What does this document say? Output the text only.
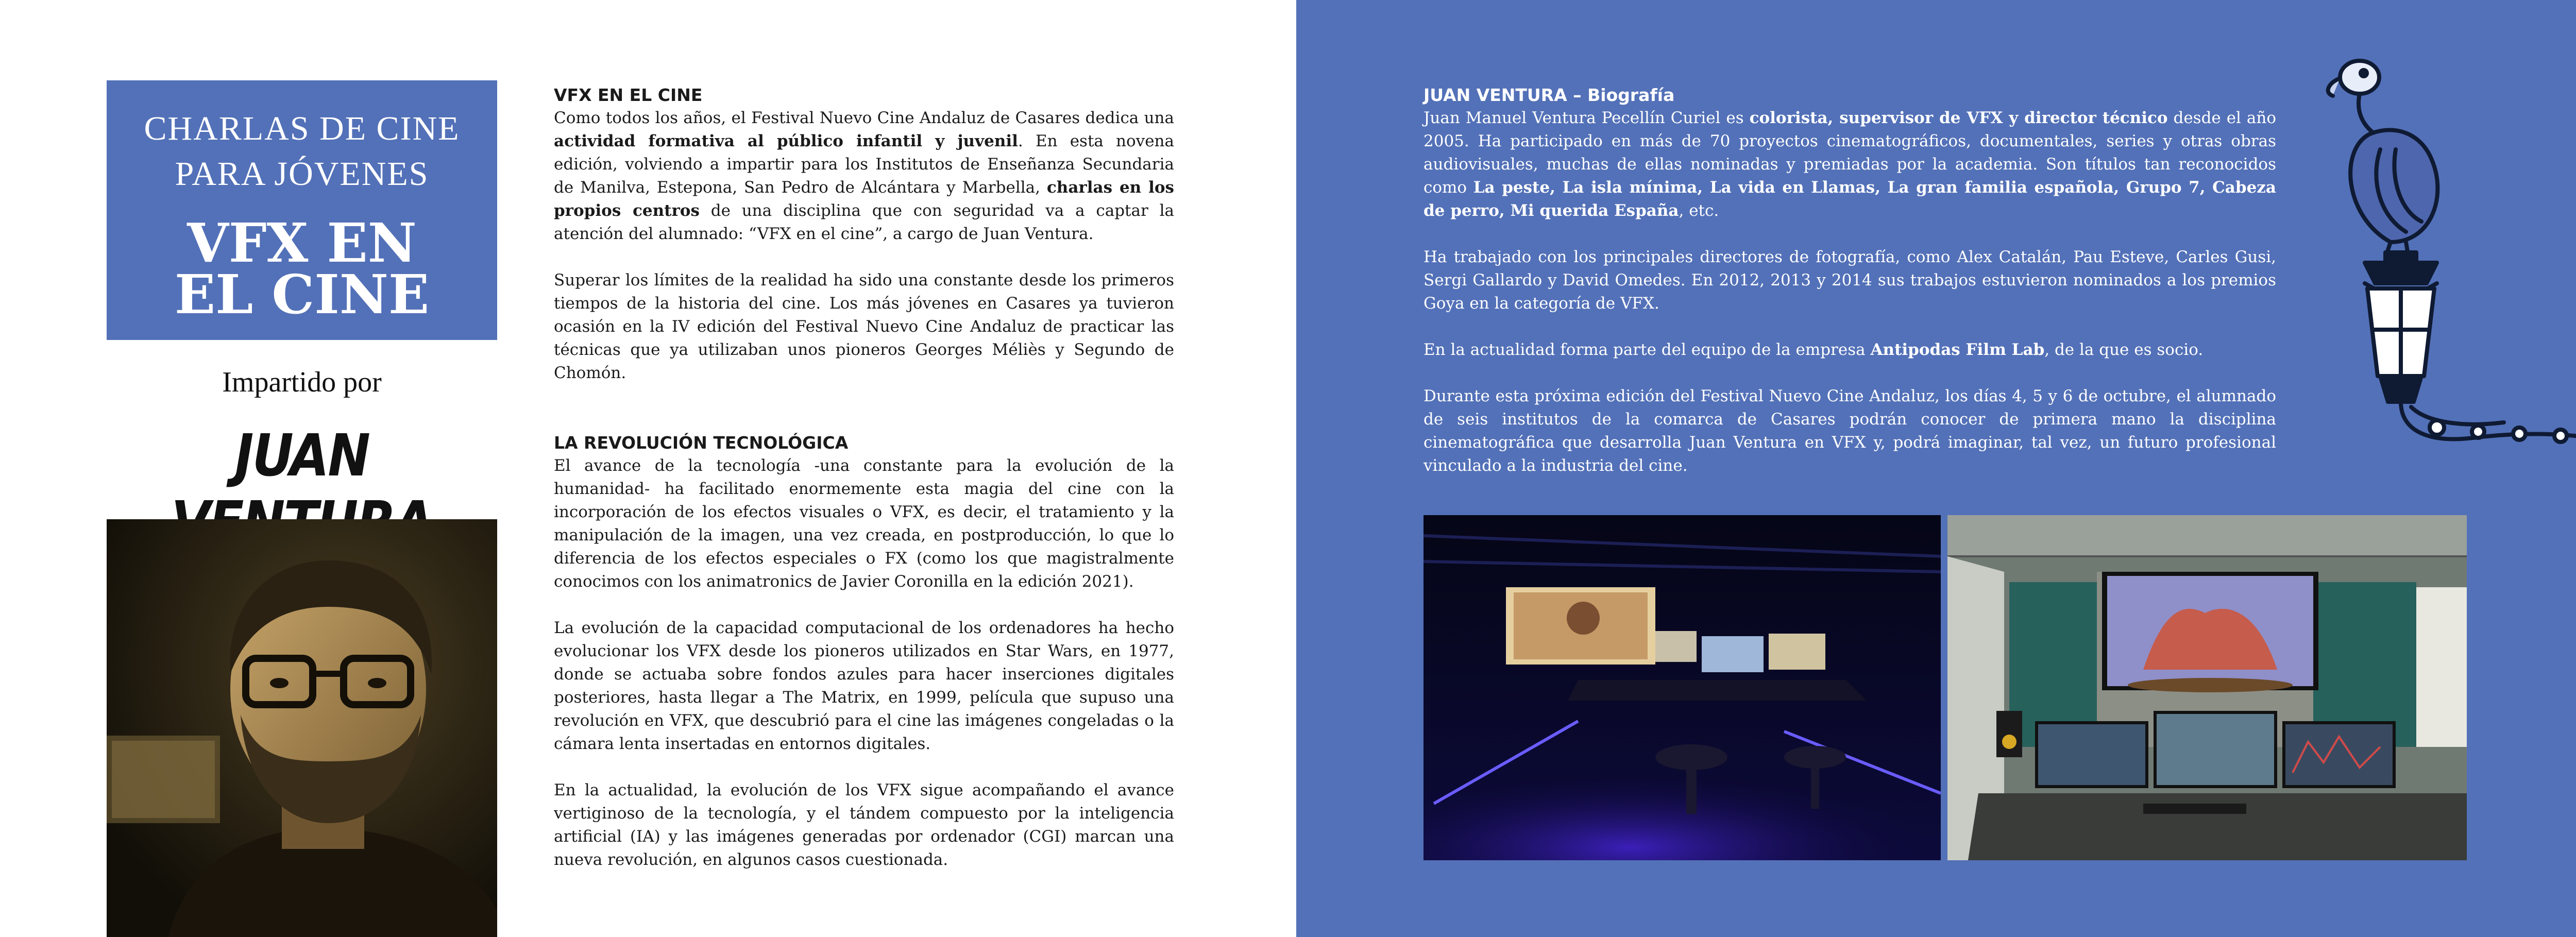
CHARLAS DE CINE
PARA JÓVENES
VFX EN
EL CINE
Impartido por
JUAN
VFX EN EL CINE

Como todos los años, el Festival Nuevo Cine Andaluz de Casares dedica una actividad formativa al público infantil y juvenil. En esta novena edición, volviendo a impartir para los Institutos de Enseñanza Secundaria de Manilva, Estepona, San Pedro de Alcántara y Marbella, charlas en los propios centros de una disciplina que con seguridad va a captar la atención del alumnado: “VFX en el cine”, a cargo de Juan Ventura.

Superar los límites de la realidad ha sido una constante desde los primeros tiempos de la historia del cine. Los más jóvenes en Casares ya tuvieron ocasión en la IV edición del Festival Nuevo Cine Andaluz de practicar las técnicas que ya utilizaban unos pioneros Georges Méliès y Segundo de Chomón.

LA REVOLUCIÓN TECNOLÓGICA

El avance de la tecnología -una constante para la evolución de la humanidad- ha facilitado enormemente esta magia del cine con la incorporación de los efectos visuales o VFX, es decir, el tratamiento y la manipulación de la imagen, una vez creada, en postproducción, lo que lo diferencia de los efectos especiales o FX (como los que magistralmente conocimos con los animatronics de Javier Coronilla en la edición 2021).

La evolución de la capacidad computacional de los ordenadores ha hecho evolucionar los VFX desde los pioneros utilizados en Star Wars, en 1977, donde se actuaba sobre fondos azules para hacer inserciones digitales posteriores, hasta llegar a The Matrix, en 1999, película que supuso una revolución en VFX, que descubrió para el cine las imágenes congeladas o la cámara lenta insertadas en entornos digitales.

En la actualidad, la evolución de los VFX sigue acompañando el avance vertiginoso de la tecnología, y el tándem compuesto por la inteligencia artificial (IA) y las imágenes generadas por ordenador (CGI) marcan una nueva revolución, en algunos casos cuestionada.

JUAN VENTURA – Biografía

Juan Manuel Ventura Pecellín Curiel es colorista, supervisor de VFX y director técnico desde el año 2005. Ha participado en más de 70 proyectos cinematográficos, documentales, series y otras obras audiovisuales, muchas de ellas nominadas y premiadas por la academia. Son títulos tan reconocidos como La peste, La isla mínima, La vida en Llamas, La gran familia española, Grupo 7, Cabeza de perro, Mi querida España, etc.

Ha trabajado con los principales directores de fotografía, como Alex Catalán, Pau Esteve, Carles Gusi, Sergi Gallardo y David Omedes. En 2012, 2013 y 2014 sus trabajos estuvieron nominados a los premios Goya en la categoría de VFX.

En la actualidad forma parte del equipo de la empresa Antipodas Film Lab, de la que es socio.

Durante esta próxima edición del Festival Nuevo Cine Andaluz, los días 4, 5 y 6 de octubre, el alumnado de seis institutos de la comarca de Casares podrán conocer de primera mano la disciplina cinematográfica que desarrolla Juan Ventura en VFX y, podrá imaginar, tal vez, un futuro profesional vinculado a la industria del cine.
